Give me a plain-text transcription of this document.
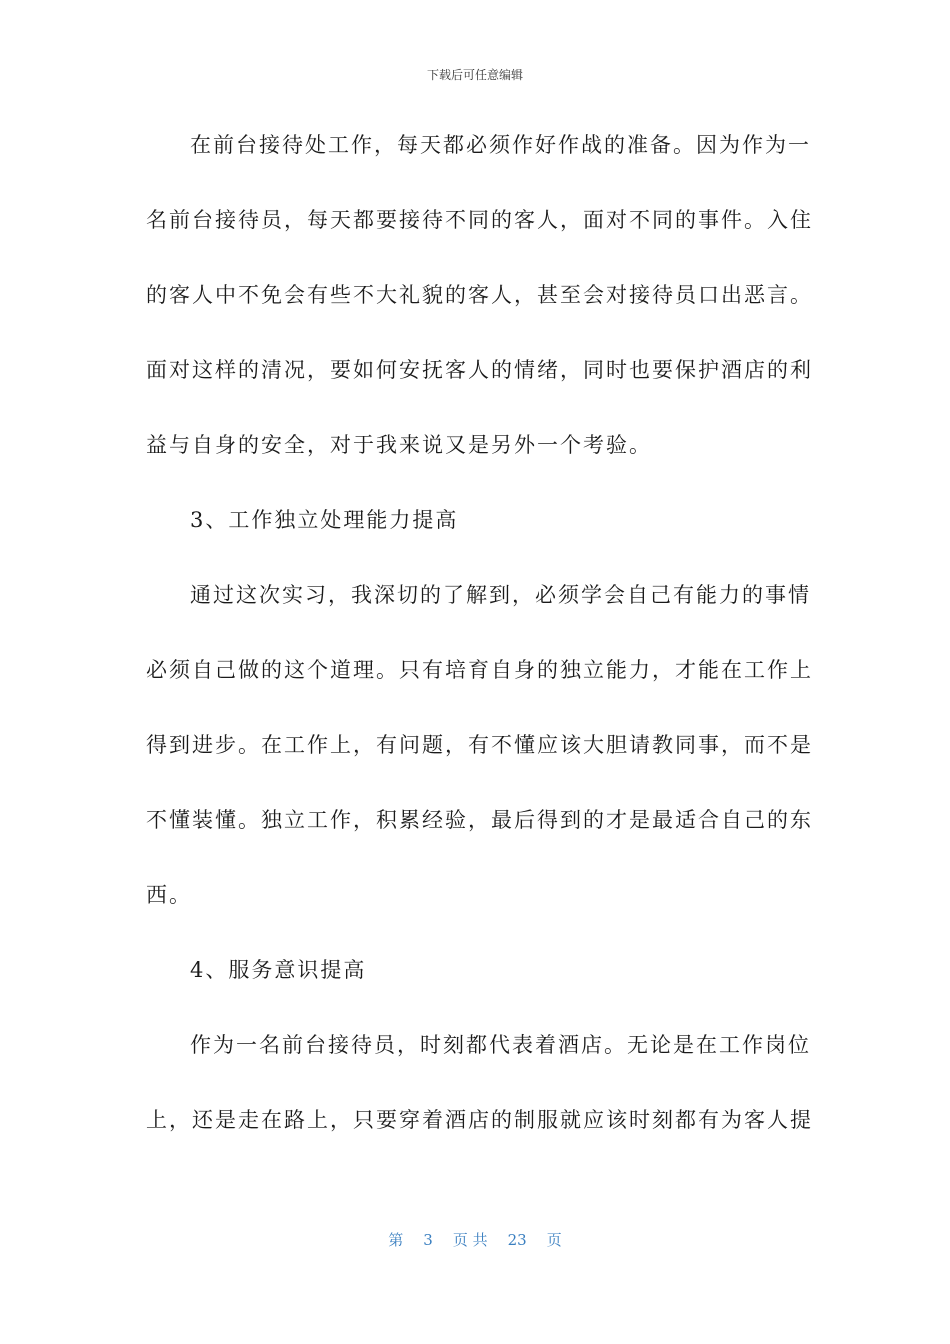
下载后可任意编辑
在前台接待处工作，每天都必须作好作战的准备。因为作为一
名前台接待员，每天都要接待不同的客人，面对不同的事件。入住
的客人中不免会有些不大礼貌的客人，甚至会对接待员口出恶言。
面对这样的清况，要如何安抚客人的情绪，同时也要保护酒店的利
益与自身的安全，对于我来说又是另外一个考验。
3、工作独立处理能力提高
通过这次实习，我深切的了解到，必须学会自己有能力的事情
必须自己做的这个道理。只有培育自身的独立能力，才能在工作上
得到进步。在工作上，有问题，有不懂应该大胆请教同事，而不是
不懂装懂。独立工作，积累经验，最后得到的才是最适合自己的东
西。
4、服务意识提高
作为一名前台接待员，时刻都代表着酒店。无论是在工作岗位
上，还是走在路上，只要穿着酒店的制服就应该时刻都有为客人提
第 3 页 共 23 页
